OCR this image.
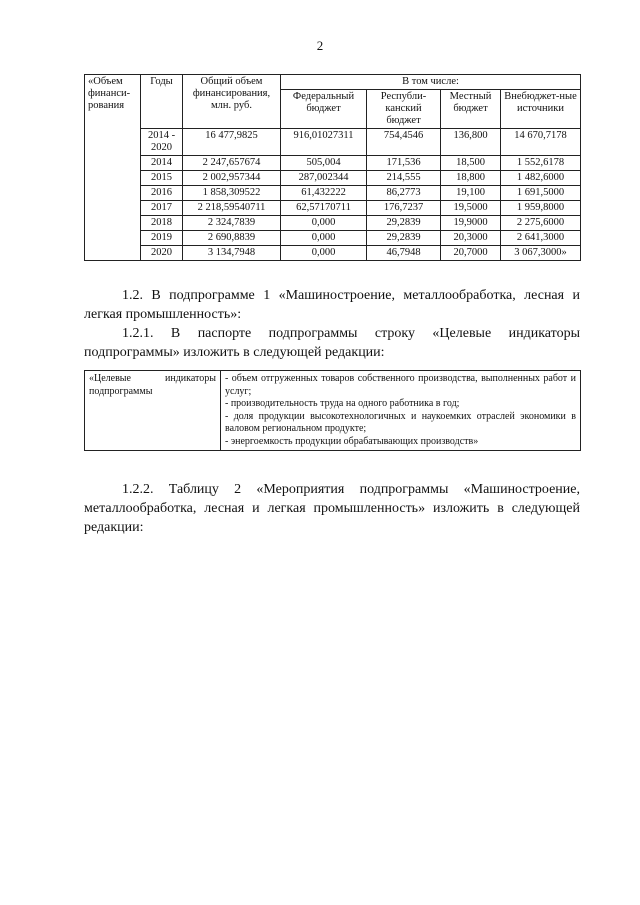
2
«Объем финанси-рования	Годы	Общий объем финансирования, млн. руб.	В том числе:			
			Федеральный бюджет	Республи-канский бюджет	Местный бюджет	Внебюджет-ные источники
	2014 - 2020	16 477,9825	916,01027311	754,4546	136,800	14 670,7178
	2014	2 247,657674	505,004	171,536	18,500	1 552,6178
	2015	2 002,957344	287,002344	214,555	18,800	1 482,6000
	2016	1 858,309522	61,432222	86,2773	19,100	1 691,5000
	2017	2 218,59540711	62,57170711	176,7237	19,5000	1 959,8000
	2018	2 324,7839	0,000	29,2839	19,9000	2 275,6000
	2019	2 690,8839	0,000	29,2839	20,3000	2 641,3000
	2020	3 134,7948	0,000	46,7948	20,7000	3 067,3000»
1.2. В подпрограмме 1 «Машиностроение, металлообработка, лесная и легкая промышленность»:
1.2.1. В паспорте подпрограммы строку «Целевые индикаторы подпрограммы» изложить в следующей редакции:
«Целевые индикаторы подпрограммы	
- объем отгруженных товаров собственного производства, выполненных работ и услуг;
- производительность труда на одного работника в год;
- доля продукции высокотехнологичных и наукоемких отраслей экономики в валовом региональном продукте;
- энергоемкость продукции обрабатывающих производств»
1.2.2. Таблицу 2 «Мероприятия подпрограммы «Машиностроение, металлообработка, лесная и легкая промышленность» изложить в следующей редакции:
